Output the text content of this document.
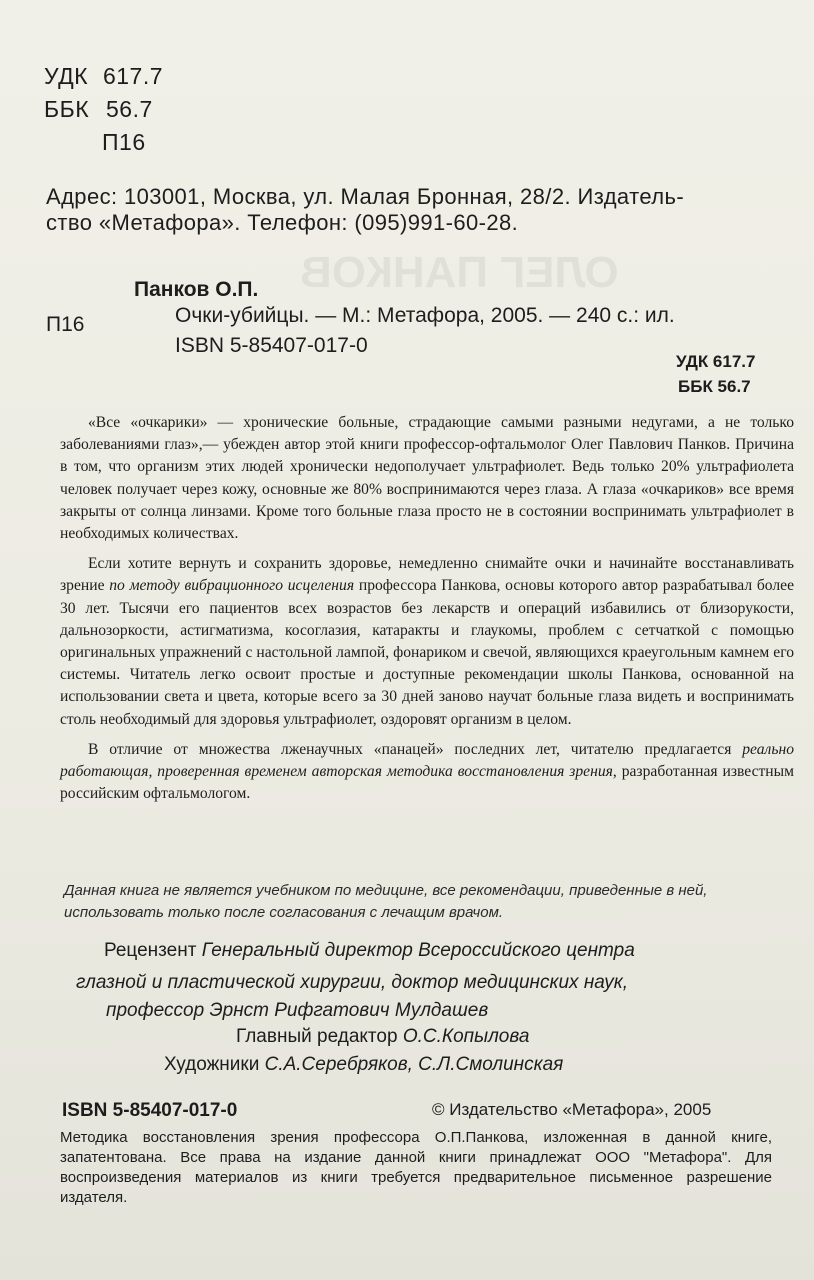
ОЛЕГ ПАНКОВ
УДК 617.7
ББК 56.7
П16
Адрес: 103001, Москва, ул. Малая Бронная, 28/2. Издатель-
ство «Метафора». Телефон: (095)991-60-28.
Панков О.П.
П16	Очки-убийцы. — М.: Метафора, 2005. — 240 с.: ил.
ISBN 5-85407-017-0
УДК 617.7
ББК 56.7

«Все «очкарики» — хронические больные, страдающие самыми разными недугами, а не только заболеваниями глаз»,— убежден автор этой книги профессор-офтальмолог Олег Павлович Панков. Причина в том, что организм этих людей хронически недополучает ультрафиолет. Ведь только 20% ультрафиолета человек получает через кожу, основные же 80% воспринимаются через глаза. А глаза «очкариков» все время закрыты от солнца линзами. Кроме того больные глаза просто не в состоянии воспринимать ультрафиолет в необходимых количествах.

Если хотите вернуть и сохранить здоровье, немедленно снимайте очки и начинайте восстанавливать зрение по методу вибрационного исцеления профессора Панкова, основы которого автор разрабатывал более 30 лет. Тысячи его пациентов всех возрастов без лекарств и операций избавились от близорукости, дальнозоркости, астигматизма, косоглазия, катаракты и глаукомы, проблем с сетчаткой с помощью оригинальных упражнений с настольной лампой, фонариком и свечой, являющихся краеугольным камнем его системы. Читатель легко освоит простые и доступные рекомендации школы Панкова, основанной на использовании света и цвета, которые всего за 30 дней заново научат больные глаза видеть и воспринимать столь необходимый для здоровья ультрафиолет, оздоровят организм в целом.

В отличие от множества лженаучных «панацей» последних лет, читателю предлагается реально работающая, проверенная временем авторская методика восстановления зрения, разработанная известным российским офтальмологом.

Данная книга не является учебником по медицине, все рекомендации, приведенные в ней, использовать только после согласования с лечащим врачом.
Рецензент Генеральный директор Всероссийского центра
глазной и пластической хирургии, доктор медицинских наук,
профессор Эрнст Рифгатович Мулдашев
Главный редактор О.С.Копылова
Художники С.А.Серебряков, С.Л.Смолинская
ISBN 5-85407-017-0	© Издательство «Метафора», 2005
Методика восстановления зрения профессора О.П.Панкова, изложенная в данной книге, запатентована. Все права на издание данной книги принадлежат ООО "Метафора". Для воспроизведения материалов из книги требуется предварительное письменное разрешение издателя.
